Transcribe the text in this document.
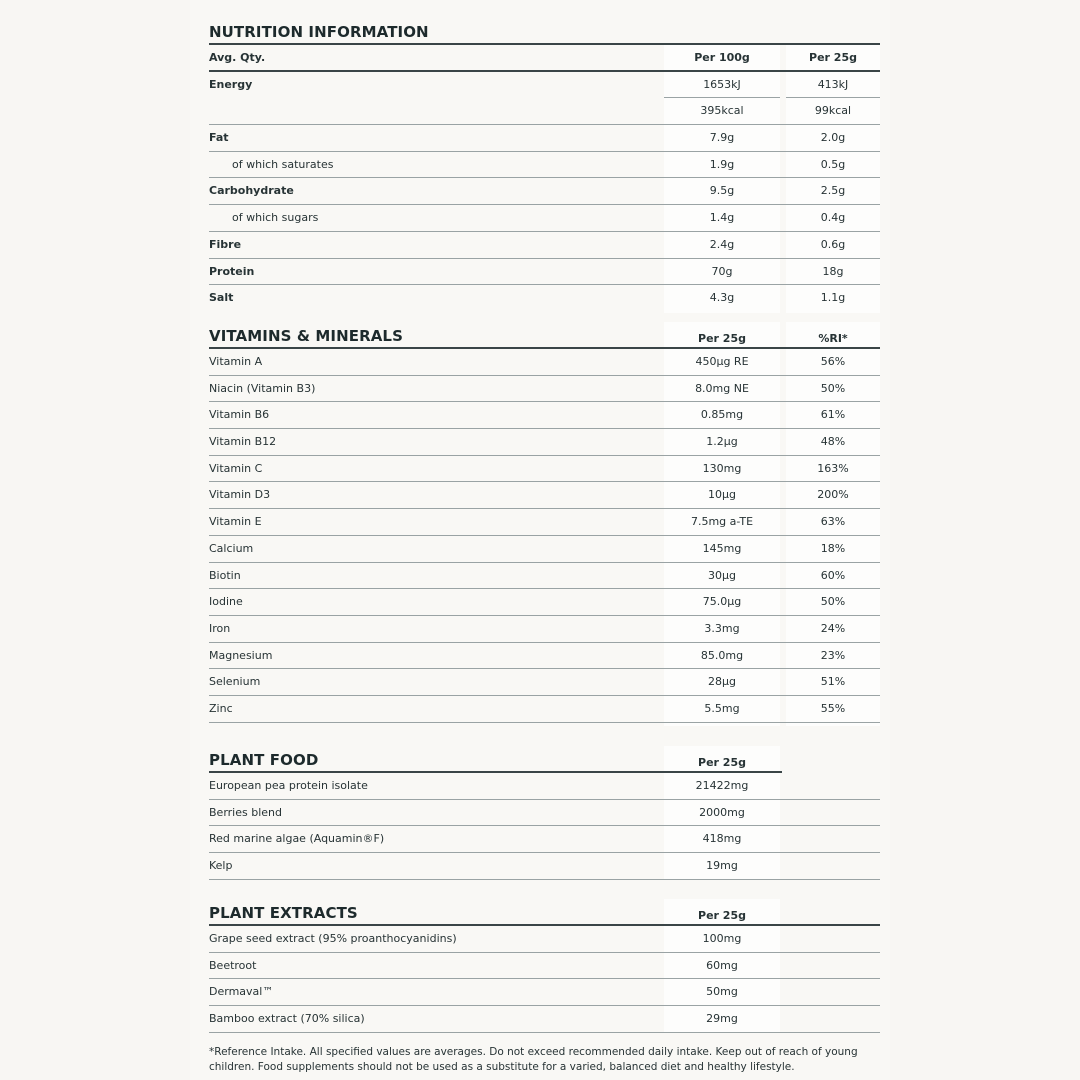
NUTRITION INFORMATION
Avg. Qty.	Per 100g	Per 25g
Energy	1653kJ	413kJ
395kcal	99kcal
Fat	7.9g	2.0g
of which saturates	1.9g	0.5g
Carbohydrate	9.5g	2.5g
of which sugars	1.4g	0.4g
Fibre	2.4g	0.6g
Protein	70g	18g
Salt	4.3g	1.1g
VITAMINS & MINERALS	Per 25g	%RI*
Vitamin A	450μg RE	56%
Niacin (Vitamin B3)	8.0mg NE	50%
Vitamin B6	0.85mg	61%
Vitamin B12	1.2μg	48%
Vitamin C	130mg	163%
Vitamin D3	10μg	200%
Vitamin E	7.5mg a-TE	63%
Calcium	145mg	18%
Biotin	30μg	60%
Iodine	75.0μg	50%
Iron	3.3mg	24%
Magnesium	85.0mg	23%
Selenium	28μg	51%
Zinc	5.5mg	55%
PLANT FOOD	Per 25g
European pea protein isolate	21422mg
Berries blend	2000mg
Red marine algae (Aquamin®F)	418mg
Kelp	19mg
PLANT EXTRACTS	Per 25g
Grape seed extract (95% proanthocyanidins)	100mg
Beetroot	60mg
Dermaval™	50mg
Bamboo extract (70% silica)	29mg
*Reference Intake. All specified values are averages. Do not exceed recommended daily intake. Keep out of reach of young children. Food supplements should not be used as a substitute for a varied, balanced diet and healthy lifestyle.
